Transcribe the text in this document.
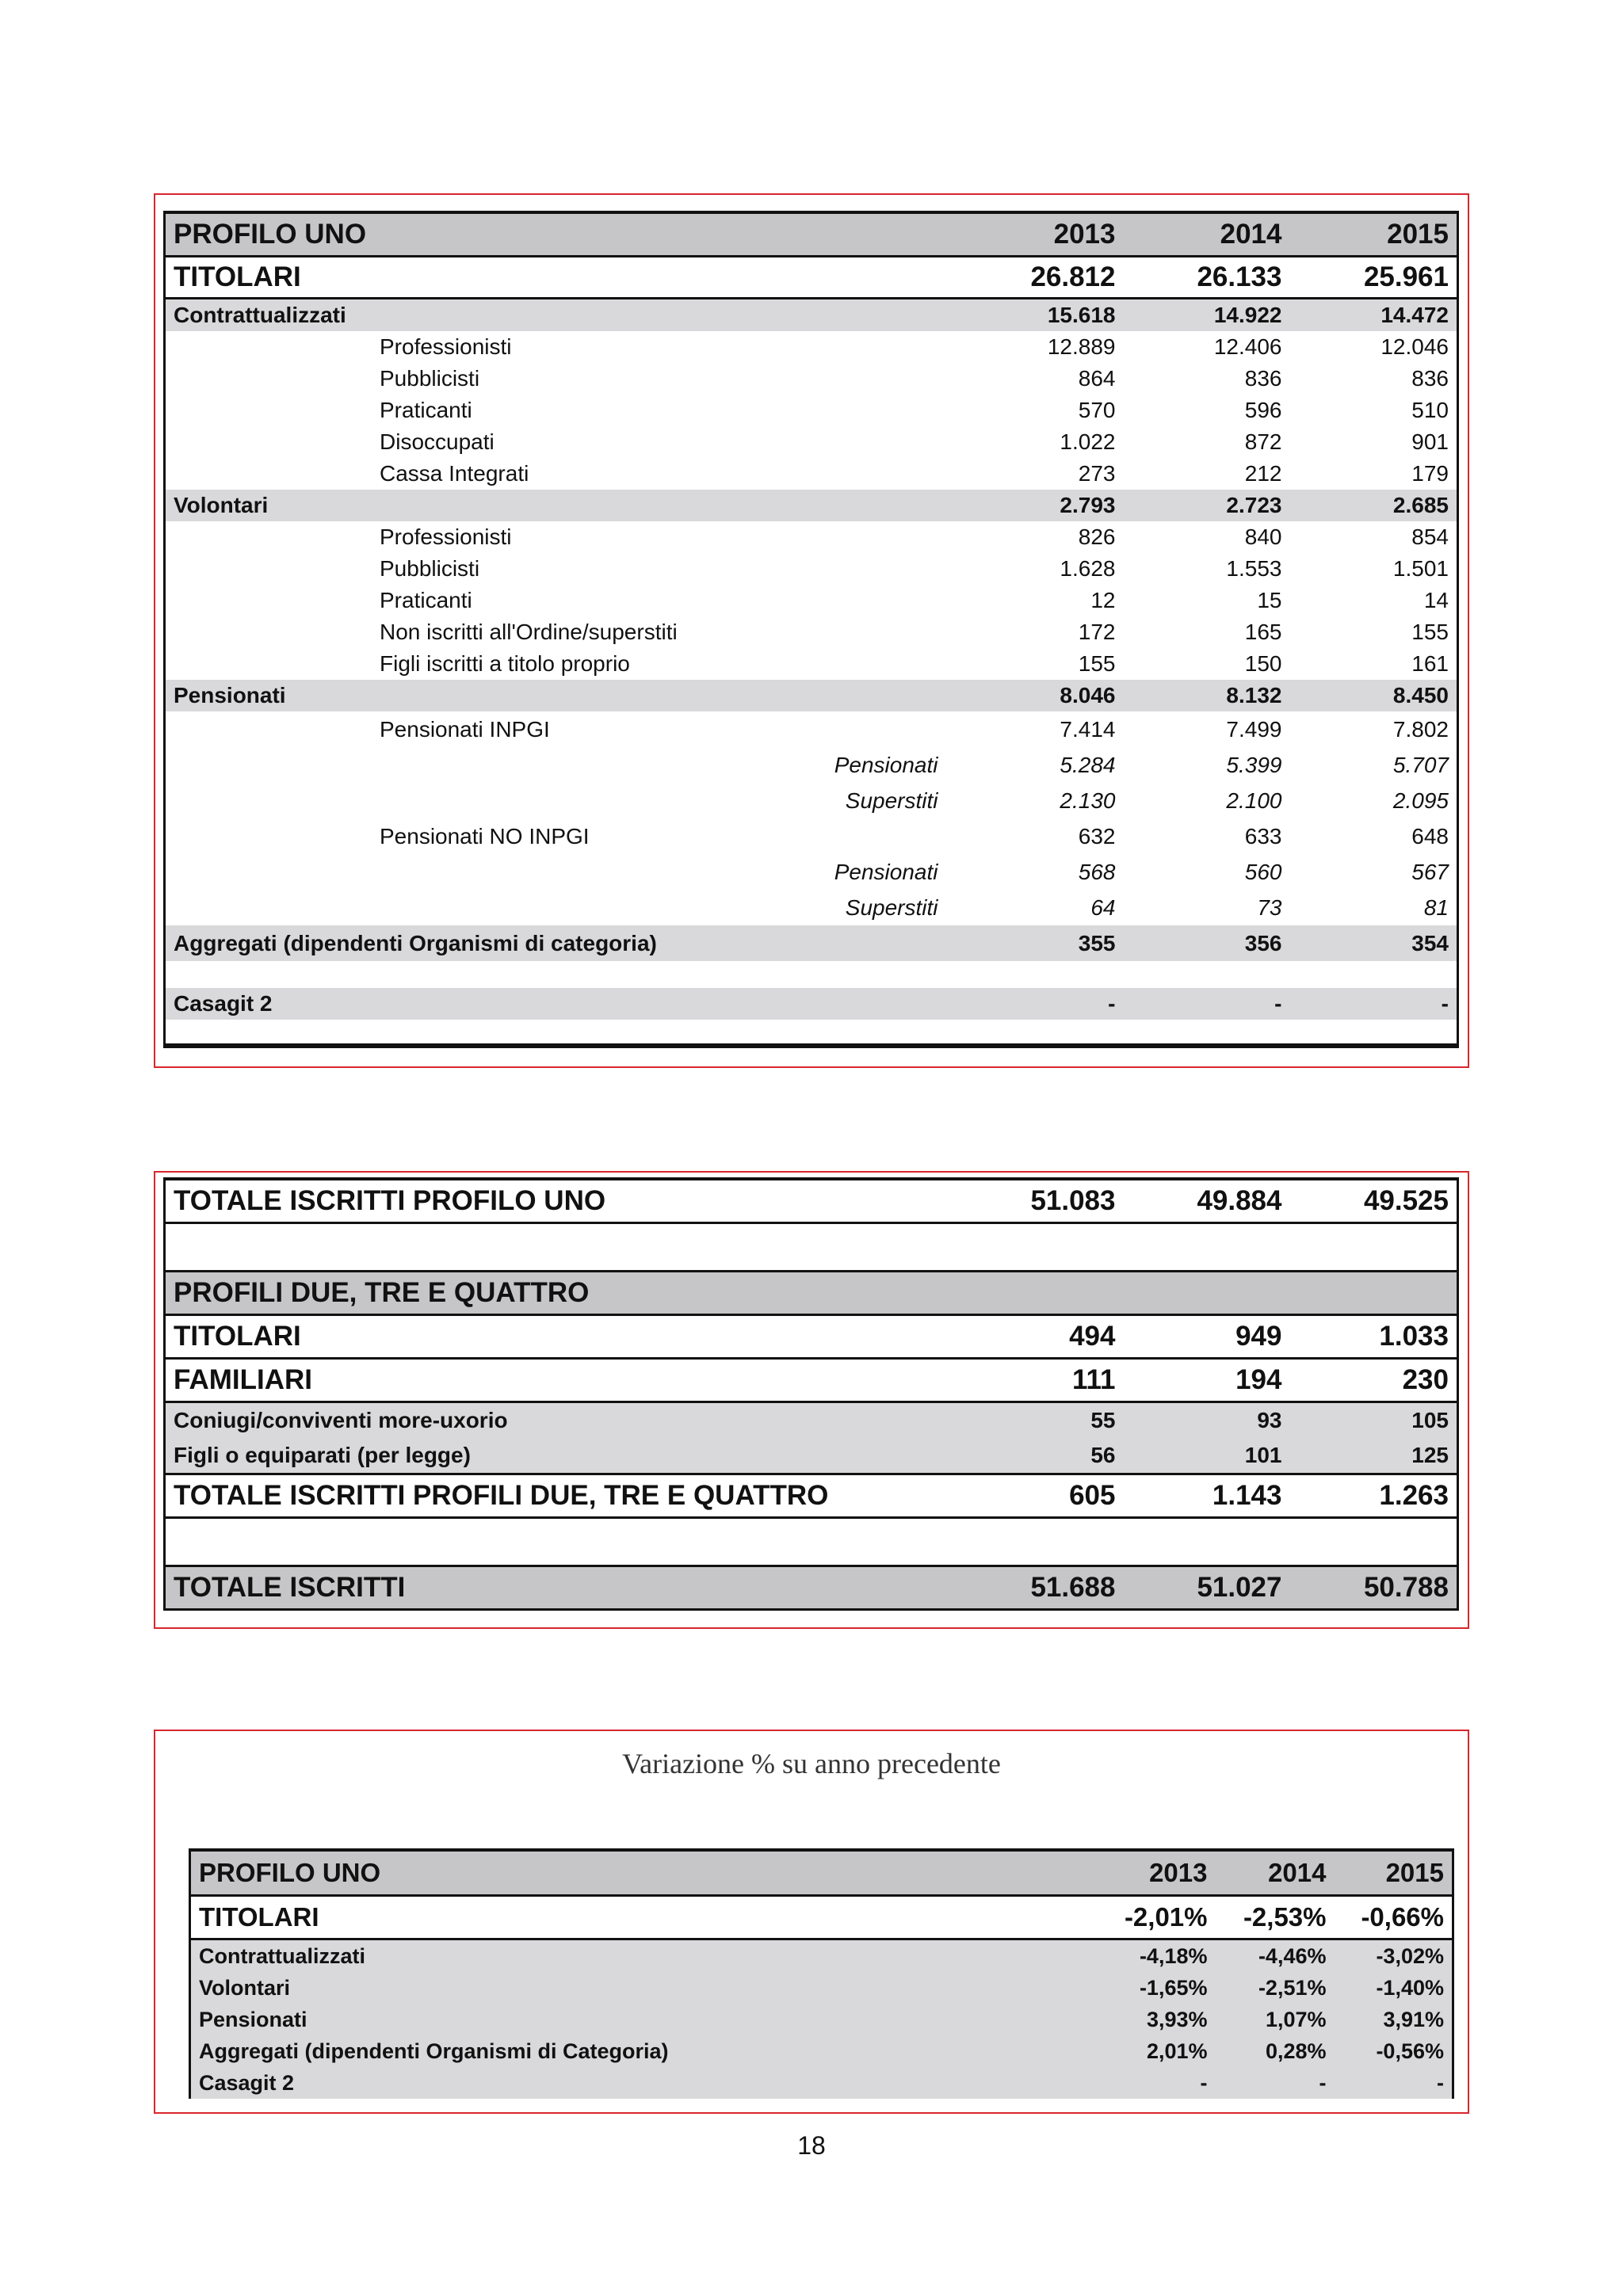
PROFILO UNO	2013	2014	2015
TITOLARI	26.812	26.133	25.961
Contrattualizzati	15.618	14.922	14.472
Professionisti	12.889	12.406	12.046
Pubblicisti	864	836	836
Praticanti	570	596	510
Disoccupati	1.022	872	901
Cassa Integrati	273	212	179
Volontari	2.793	2.723	2.685
Professionisti	826	840	854
Pubblicisti	1.628	1.553	1.501
Praticanti	12	15	14
Non iscritti all'Ordine/superstiti	172	165	155
Figli iscritti a titolo proprio	155	150	161
Pensionati	8.046	8.132	8.450
Pensionati INPGI	7.414	7.499	7.802
Pensionati	5.284	5.399	5.707
Superstiti	2.130	2.100	2.095
Pensionati NO INPGI	632	633	648
Pensionati	568	560	567
Superstiti	64	73	81
Aggregati (dipendenti Organismi di categoria)	355	356	354

Casagit 2	-	-	-

TOTALE ISCRITTI PROFILO UNO	51.083	49.884	49.525

PROFILI DUE, TRE E QUATTRO			
TITOLARI	494	949	1.033
FAMILIARI	111	194	230
Coniugi/conviventi more-uxorio	55	93	105
Figli o equiparati (per legge)	56	101	125
TOTALE ISCRITTI PROFILI DUE, TRE E QUATTRO	605	1.143	1.263

TOTALE ISCRITTI	51.688	51.027	50.788
Variazione % su anno precedente
PROFILO UNO	2013	2014	2015
TITOLARI	-2,01%	-2,53%	-0,66%
Contrattualizzati	-4,18%	-4,46%	-3,02%
Volontari	-1,65%	-2,51%	-1,40%
Pensionati	3,93%	1,07%	3,91%
Aggregati (dipendenti Organismi di Categoria)	2,01%	0,28%	-0,56%
Casagit 2	-	-	-
18
